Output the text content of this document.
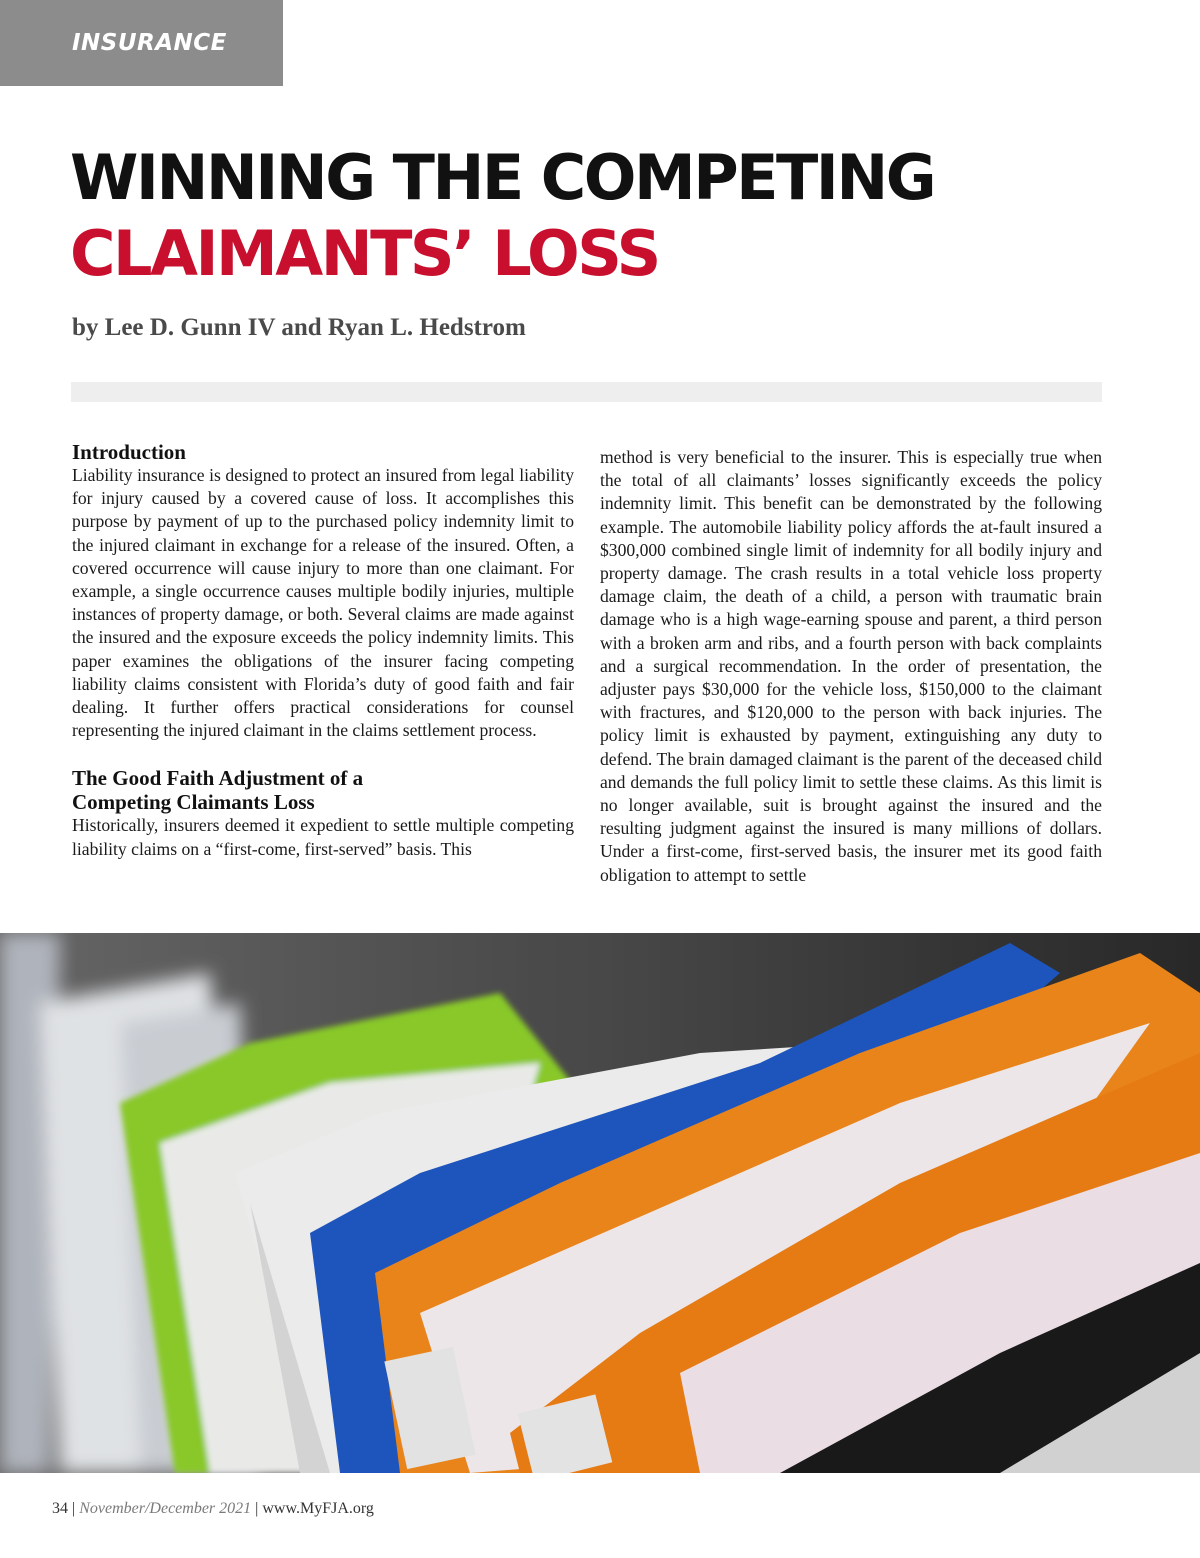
INSURANCE
WINNING THE COMPETING
CLAIMANTS’ LOSS
by Lee D. Gunn IV and Ryan L. Hedstrom
Introduction

Liability insurance is designed to protect an insured from legal liability for injury caused by a covered cause of loss. It accomplishes this purpose by payment of up to the purchased policy indemnity limit to the injured claimant in exchange for a release of the insured. Often, a covered occurrence will cause injury to more than one claimant. For example, a single occurrence causes multiple bodily injuries, multiple instances of property damage, or both. Several claims are made against the insured and the exposure exceeds the policy indemnity limits. This paper examines the obligations of the insurer facing competing liability claims consistent with Florida’s duty of good faith and fair dealing. It further offers practical considerations for counsel representing the injured claimant in the claims settlement process.

The Good Faith Adjustment of a
Competing Claimants Loss

Historically, insurers deemed it expedient to settle multiple competing liability claims on a “first-come, first-served” basis. This

method is very beneficial to the insurer. This is especially true when the total of all claimants’ losses significantly exceeds the policy indemnity limit. This benefit can be demonstrated by the following example. The automobile liability policy affords the at-fault insured a $300,000 combined single limit of indemnity for all bodily injury and property damage. The crash results in a total vehicle loss property damage claim, the death of a child, a person with traumatic brain damage who is a high wage-earning spouse and parent, a third person with a broken arm and ribs, and a fourth person with back complaints and a surgical recommendation. In the order of presentation, the adjuster pays $30,000 for the vehicle loss, $150,000 to the claimant with fractures, and $120,000 to the person with back injuries. The policy limit is exhausted by payment, extinguishing any duty to defend. The brain damaged claimant is the parent of the deceased child and demands the full policy limit to settle these claims. As this limit is no longer available, suit is brought against the insured and the resulting judgment against the insured is many millions of dollars. Under a first-come, first-served basis, the insurer met its good faith obligation to attempt to settle

34 | November/December 2021 | www.MyFJA.org
